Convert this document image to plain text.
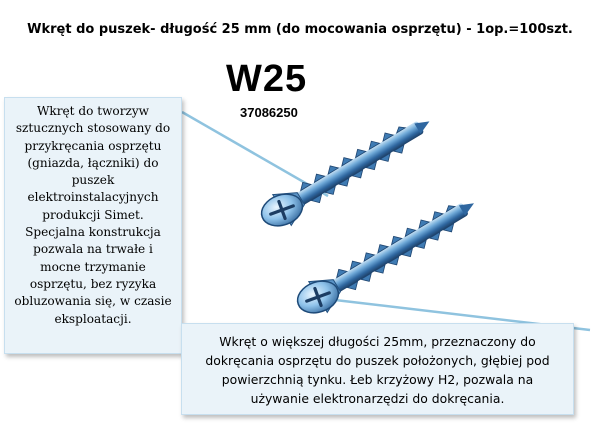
Wkręt do puszek- długość 25 mm (do mocowania osprzętu) - 1op.=100szt.
W25
37086250
Wkręt do tworzyw sztucznych stosowany do przykręcania osprzętu (gniazda, łączniki) do puszek elektroinstalacyjnych produkcji Simet. Specjalna konstrukcja pozwala na trwałe i mocne trzymanie osprzętu, bez ryzyka obluzowania się, w czasie eksploatacji.
Wkręt o większej długości 25mm, przeznaczony do dokręcania osprzętu do puszek położonych, głębiej pod powierzchnią tynku. Łeb krzyżowy H2, pozwala na używanie elektronarzędzi do dokręcania.
